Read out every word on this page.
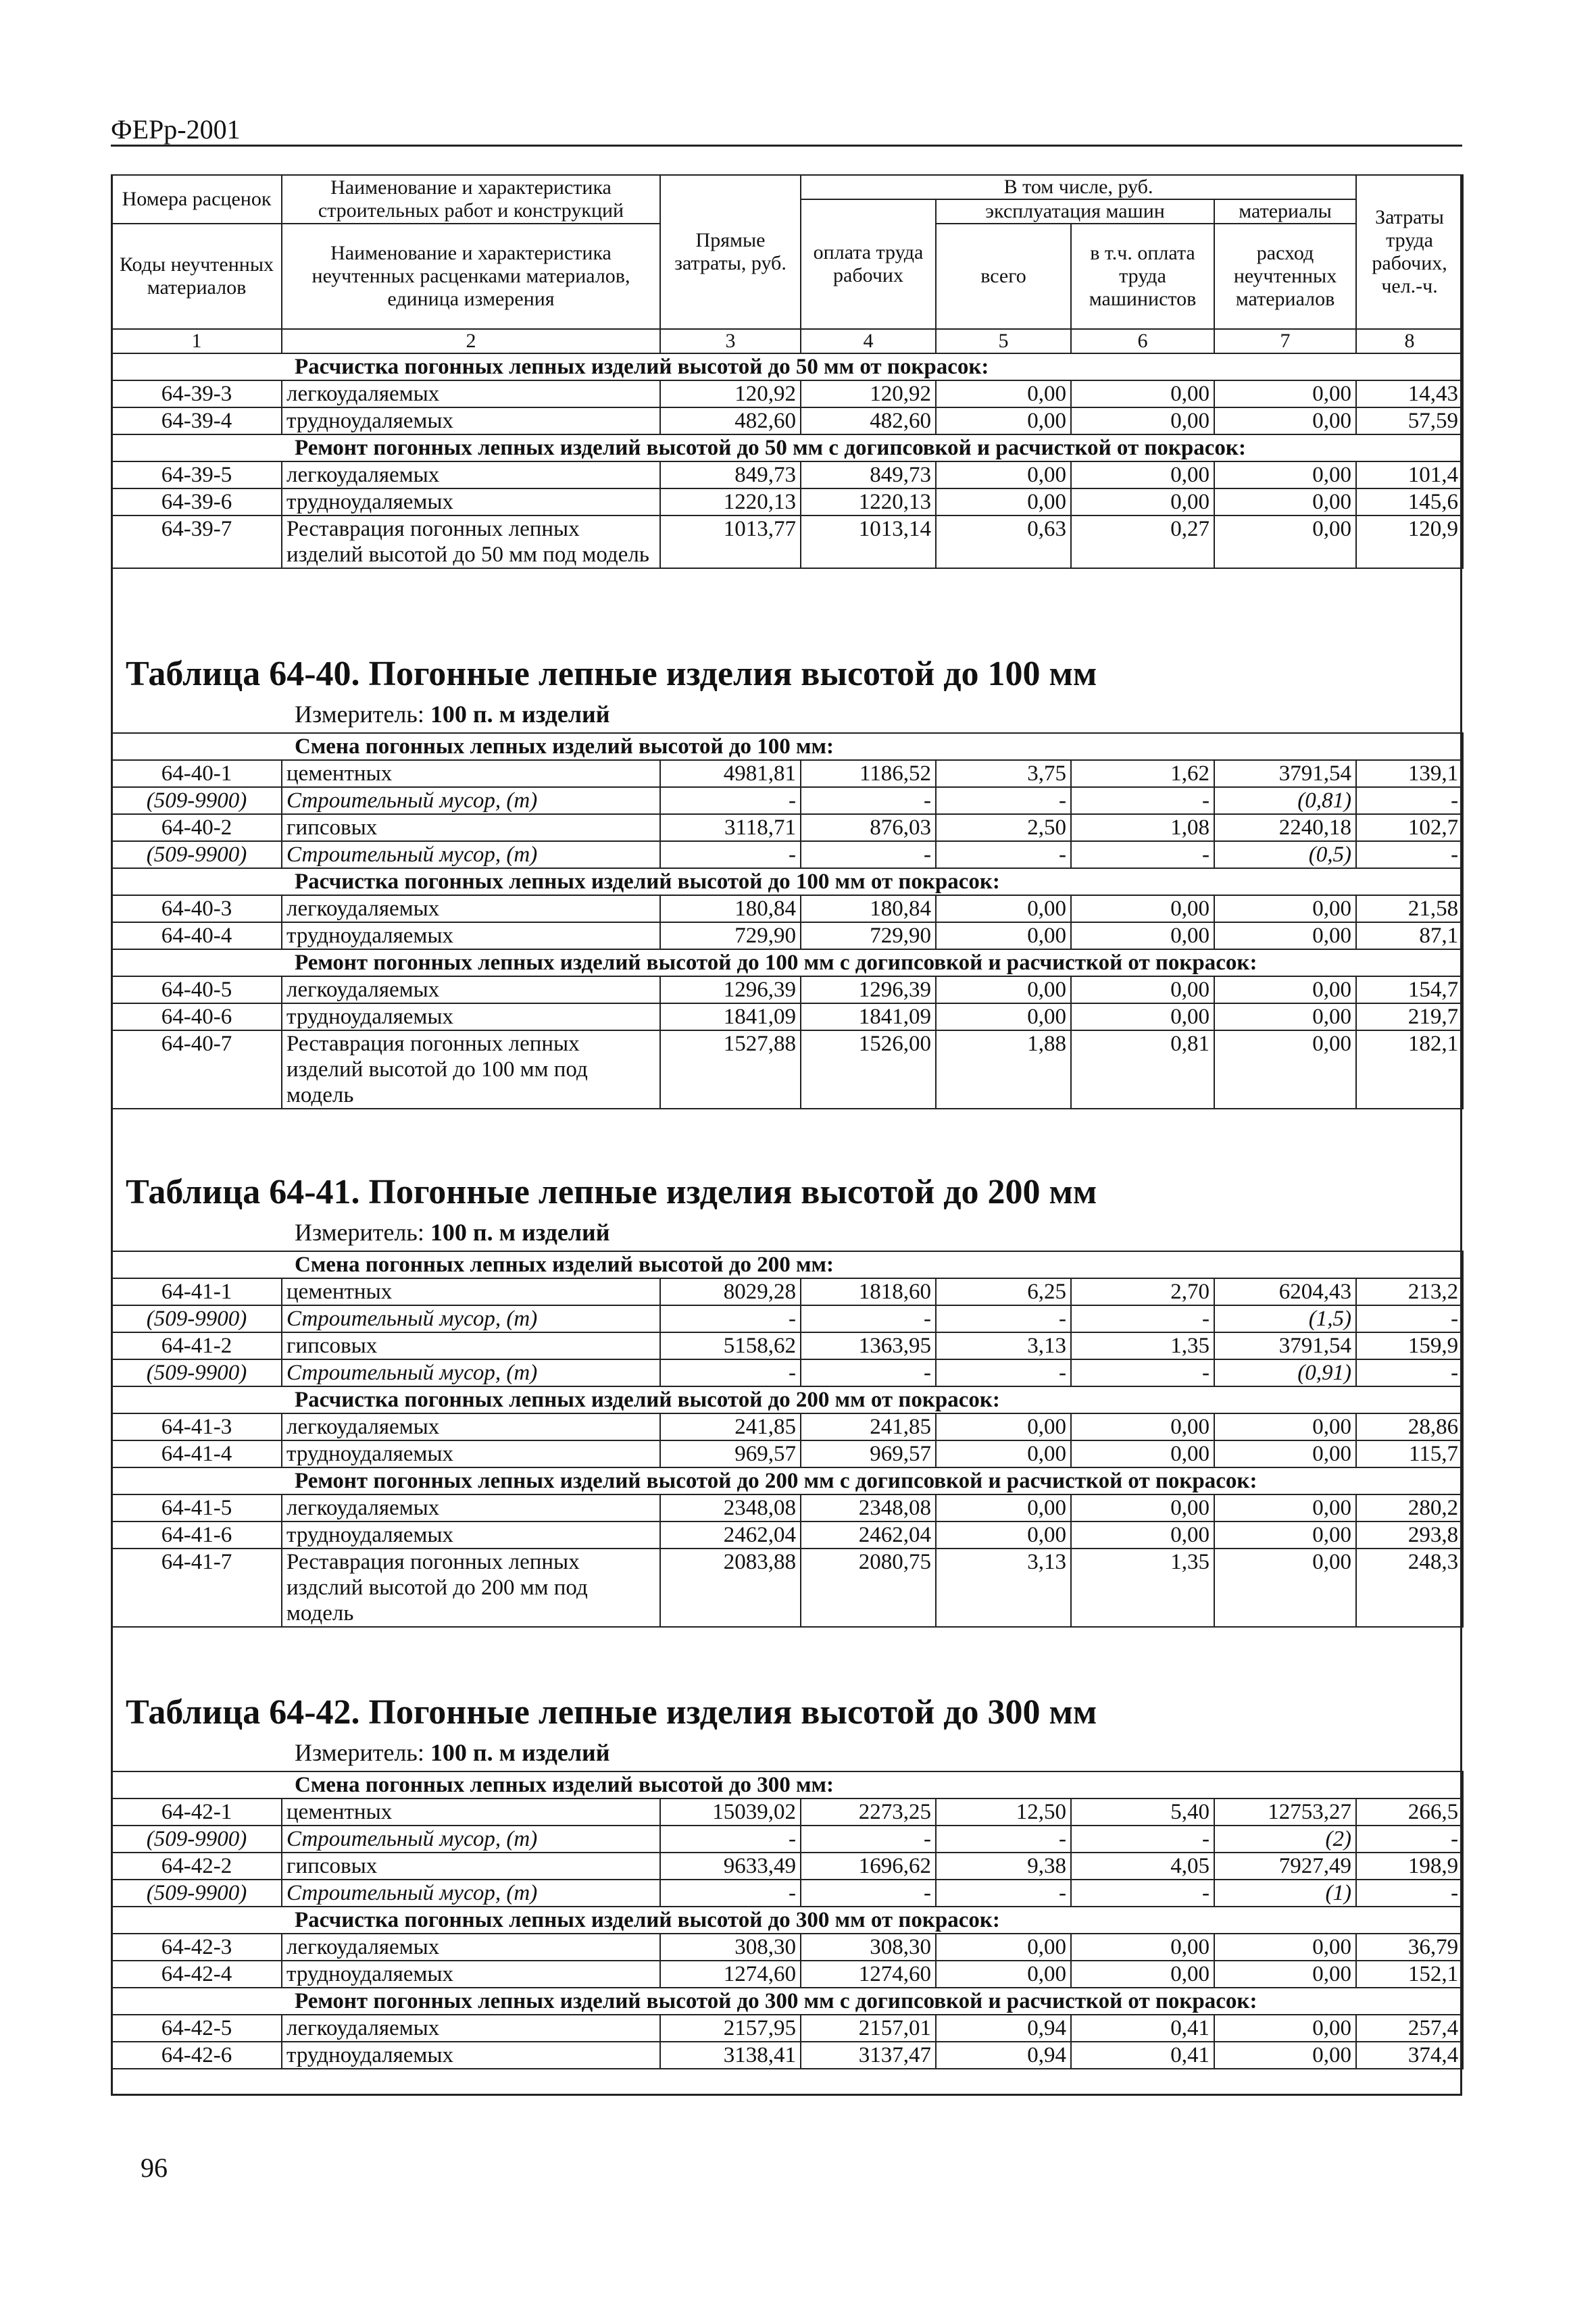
ФЕРр-2001
Номера расценок	Наименование и характеристика строительных работ и конструкций	Прямые затраты, руб.	В том числе, руб.				Затраты труда рабочих, чел.-ч.
			оплата труда рабочих	эксплуатация машин		материалы	
Коды неучтенных материалов	Наименование и характеристика неучтенных расценками материалов, единица измерения			всего	в т.ч. оплата труда машинистов	расход неучтенных материалов	

1	2	3	4	5	6	7	8
Расчистка погонных лепных изделий высотой до 50 мм от покрасок:							
64-39-3	легкоудаляемых	120,92	120,92	0,00	0,00	0,00	14,43
64-39-4	трудноудаляемых	482,60	482,60	0,00	0,00	0,00	57,59
Ремонт погонных лепных изделий высотой до 50 мм с догипсовкой и расчисткой от покрасок:							
64-39-5	легкоудаляемых	849,73	849,73	0,00	0,00	0,00	101,4
64-39-6	трудноудаляемых	1220,13	1220,13	0,00	0,00	0,00	145,6
64-39-7	Реставрация погонных лепных изделий высотой до 50 мм под модель	1013,77	1013,14	0,63	0,27	0,00	120,9
Таблица 64-40. Погонные лепные изделия высотой до 100 мм
Измеритель: 100 п. м изделий
Смена погонных лепных изделий высотой до 100 мм:							
64-40-1	цементных	4981,81	1186,52	3,75	1,62	3791,54	139,1
(509-9900)	Строительный мусор, (т)	-	-	-	-	(0,81)	-
64-40-2	гипсовых	3118,71	876,03	2,50	1,08	2240,18	102,7
(509-9900)	Строительный мусор, (т)	-	-	-	-	(0,5)	-
Расчистка погонных лепных изделий высотой до 100 мм от покрасок:							
64-40-3	легкоудаляемых	180,84	180,84	0,00	0,00	0,00	21,58
64-40-4	трудноудаляемых	729,90	729,90	0,00	0,00	0,00	87,1
Ремонт погонных лепных изделий высотой до 100 мм с догипсовкой и расчисткой от покрасок:							
64-40-5	легкоудаляемых	1296,39	1296,39	0,00	0,00	0,00	154,7
64-40-6	трудноудаляемых	1841,09	1841,09	0,00	0,00	0,00	219,7
64-40-7	Реставрация погонных лепных изделий высотой до 100 мм под модель	1527,88	1526,00	1,88	0,81	0,00	182,1
Таблица 64-41. Погонные лепные изделия высотой до 200 мм
Измеритель: 100 п. м изделий
Смена погонных лепных изделий высотой до 200 мм:							
64-41-1	цементных	8029,28	1818,60	6,25	2,70	6204,43	213,2
(509-9900)	Строительный мусор, (т)	-	-	-	-	(1,5)	-
64-41-2	гипсовых	5158,62	1363,95	3,13	1,35	3791,54	159,9
(509-9900)	Строительный мусор, (т)	-	-	-	-	(0,91)	-
Расчистка погонных лепных изделий высотой до 200 мм от покрасок:							
64-41-3	легкоудаляемых	241,85	241,85	0,00	0,00	0,00	28,86
64-41-4	трудноудаляемых	969,57	969,57	0,00	0,00	0,00	115,7
Ремонт погонных лепных изделий высотой до 200 мм с догипсовкой и расчисткой от покрасок:							
64-41-5	легкоудаляемых	2348,08	2348,08	0,00	0,00	0,00	280,2
64-41-6	трудноудаляемых	2462,04	2462,04	0,00	0,00	0,00	293,8
64-41-7	Реставрация погонных лепных издслий высотой до 200 мм под модель	2083,88	2080,75	3,13	1,35	0,00	248,3
Таблица 64-42. Погонные лепные изделия высотой до 300 мм
Измеритель: 100 п. м изделий
Смена погонных лепных изделий высотой до 300 мм:							
64-42-1	цементных	15039,02	2273,25	12,50	5,40	12753,27	266,5
(509-9900)	Строительный мусор, (т)	-	-	-	-	(2)	-
64-42-2	гипсовых	9633,49	1696,62	9,38	4,05	7927,49	198,9
(509-9900)	Строительный мусор, (т)	-	-	-	-	(1)	-
Расчистка погонных лепных изделий высотой до 300 мм от покрасок:							
64-42-3	легкоудаляемых	308,30	308,30	0,00	0,00	0,00	36,79
64-42-4	трудноудаляемых	1274,60	1274,60	0,00	0,00	0,00	152,1
Ремонт погонных лепных изделий высотой до 300 мм с догипсовкой и расчисткой от покрасок:							
64-42-5	легкоудаляемых	2157,95	2157,01	0,94	0,41	0,00	257,4
64-42-6	трудноудаляемых	3138,41	3137,47	0,94	0,41	0,00	374,4
96
